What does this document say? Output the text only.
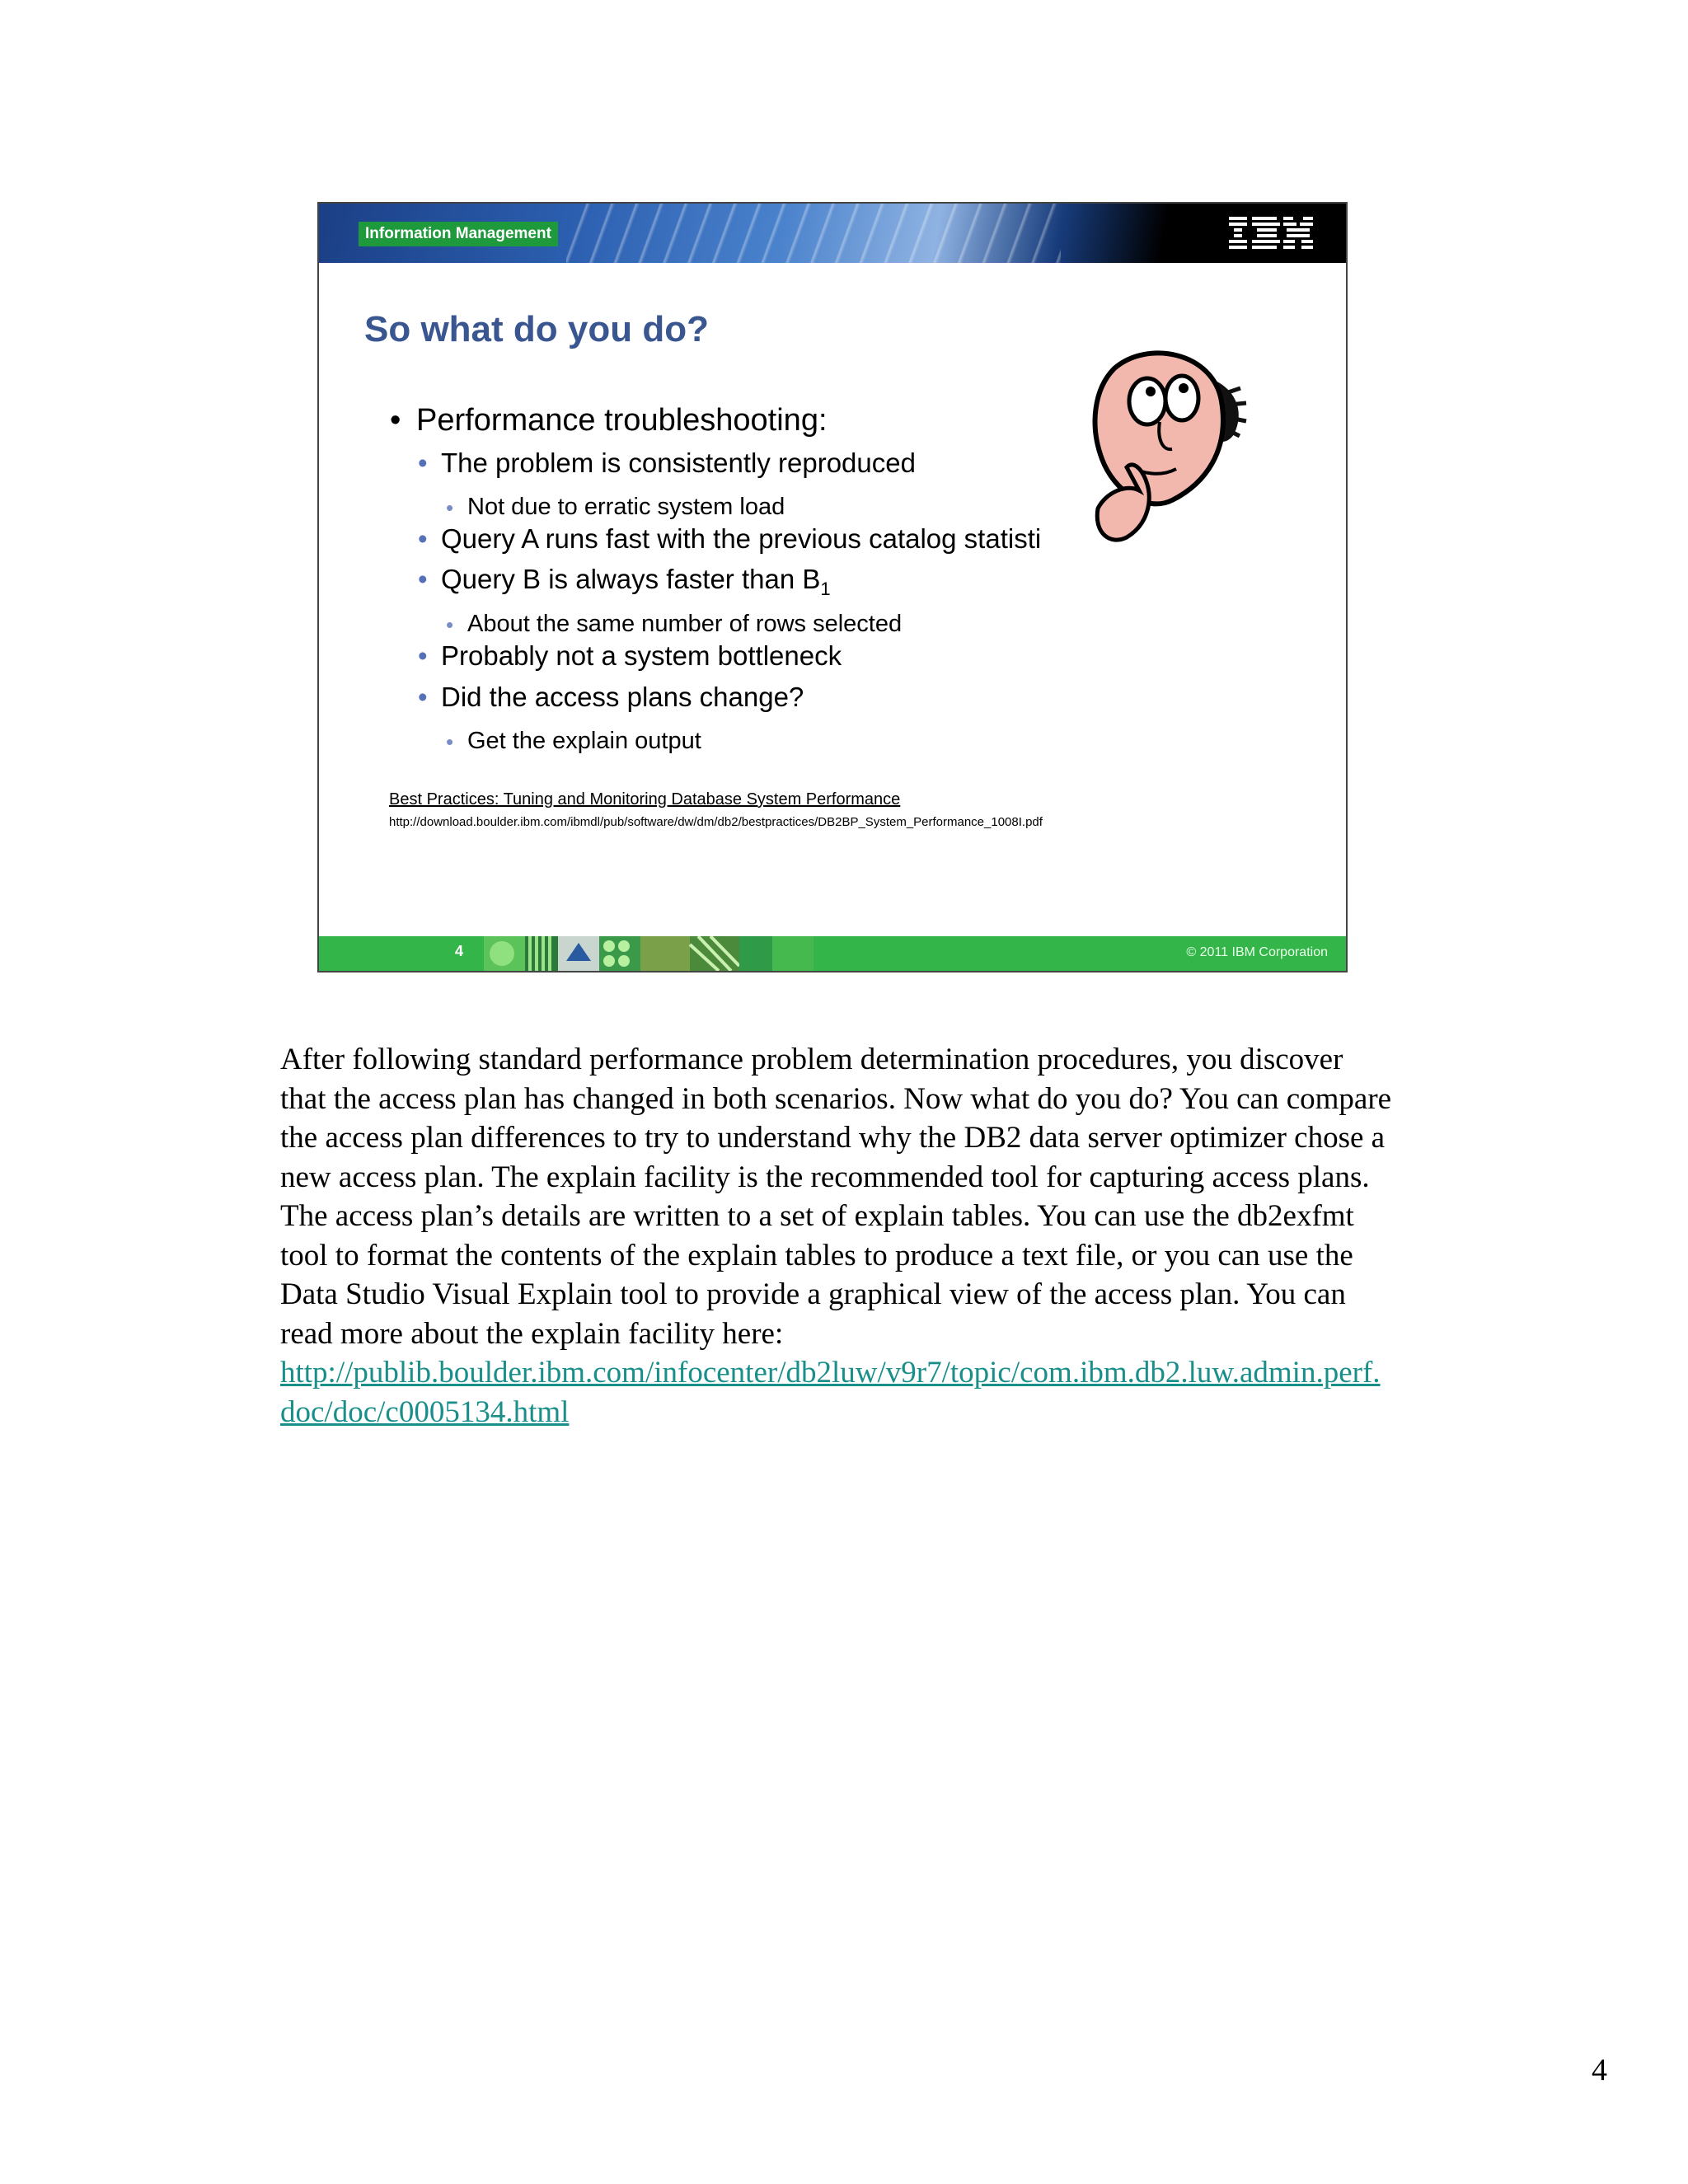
Information Management
So what do you do?
• Performance troubleshooting:
• The problem is consistently reproduced
• Not due to erratic system load
• Query A runs fast with the previous catalog statisti
• Query B is always faster than $B_1$
• About the same number of rows selected
• Probably not a system bottleneck
• Did the access plans change?
• Get the explain output
Best Practices: Tuning and Monitoring Database System Performance
http://download.boulder.ibm.com/ibmdl/pub/software/dw/dm/db2/bestpractices/DB2BP_System_Performance_1008I.pdf
4	© 2011 IBM Corporation

After following standard performance problem determination procedures, you discover that the access plan has changed in both scenarios. Now what do you do? You can compare the access plan differences to try to understand why the DB2 data server optimizer chose a new access plan. The explain facility is the recommended tool for capturing access plans. The access plan’s details are written to a set of explain tables. You can use the db2exfmt tool to format the contents of the explain tables to produce a text file, or you can use the Data Studio Visual Explain tool to provide a graphical view of the access plan. You can read more about the explain facility here:
http://publib.boulder.ibm.com/infocenter/db2luw/v9r7/topic/com.ibm.db2.luw.admin.perf.doc/doc/c0005134.html

4
